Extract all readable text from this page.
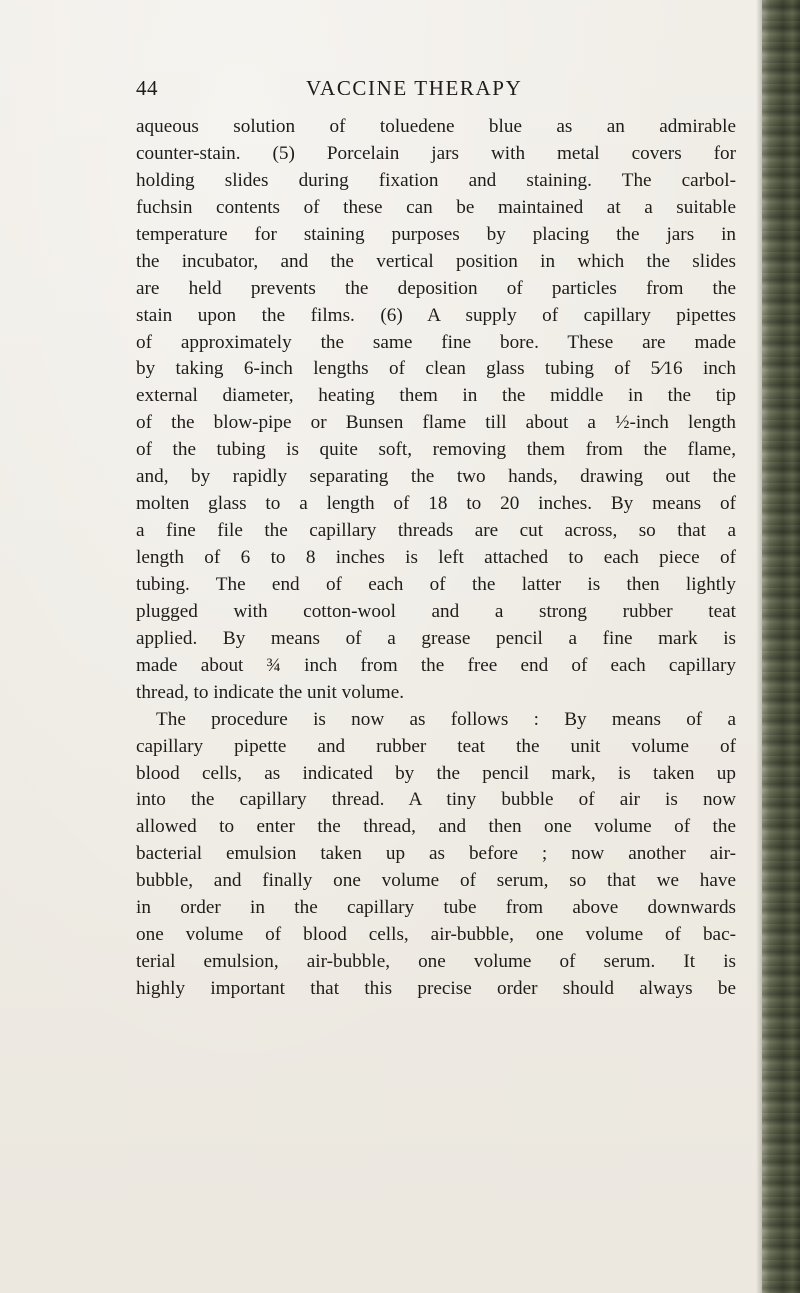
44	VACCINE THERAPY
aqueous solution of toluedene blue as an admirable
counter-stain. (5) Porcelain jars with metal covers for
holding slides during fixation and staining. The carbol-
fuchsin contents of these can be maintained at a suitable
temperature for staining purposes by placing the jars in
the incubator, and the vertical position in which the slides
are held prevents the deposition of particles from the
stain upon the films. (6) A supply of capillary pipettes
of approximately the same fine bore. These are made
by taking 6-inch lengths of clean glass tubing of 5⁄16 inch
external diameter, heating them in the middle in the tip
of the blow-pipe or Bunsen flame till about a ½-inch length
of the tubing is quite soft, removing them from the flame,
and, by rapidly separating the two hands, drawing out the
molten glass to a length of 18 to 20 inches. By means of
a fine file the capillary threads are cut across, so that a
length of 6 to 8 inches is left attached to each piece of
tubing. The end of each of the latter is then lightly
plugged with cotton-wool and a strong rubber teat
applied. By means of a grease pencil a fine mark is
made about ¾ inch from the free end of each capillary
thread, to indicate the unit volume.
The procedure is now as follows : By means of a
capillary pipette and rubber teat the unit volume of
blood cells, as indicated by the pencil mark, is taken up
into the capillary thread. A tiny bubble of air is now
allowed to enter the thread, and then one volume of the
bacterial emulsion taken up as before ; now another air-
bubble, and finally one volume of serum, so that we have
in order in the capillary tube from above downwards
one volume of blood cells, air-bubble, one volume of bac-
terial emulsion, air-bubble, one volume of serum. It is
highly important that this precise order should always be
